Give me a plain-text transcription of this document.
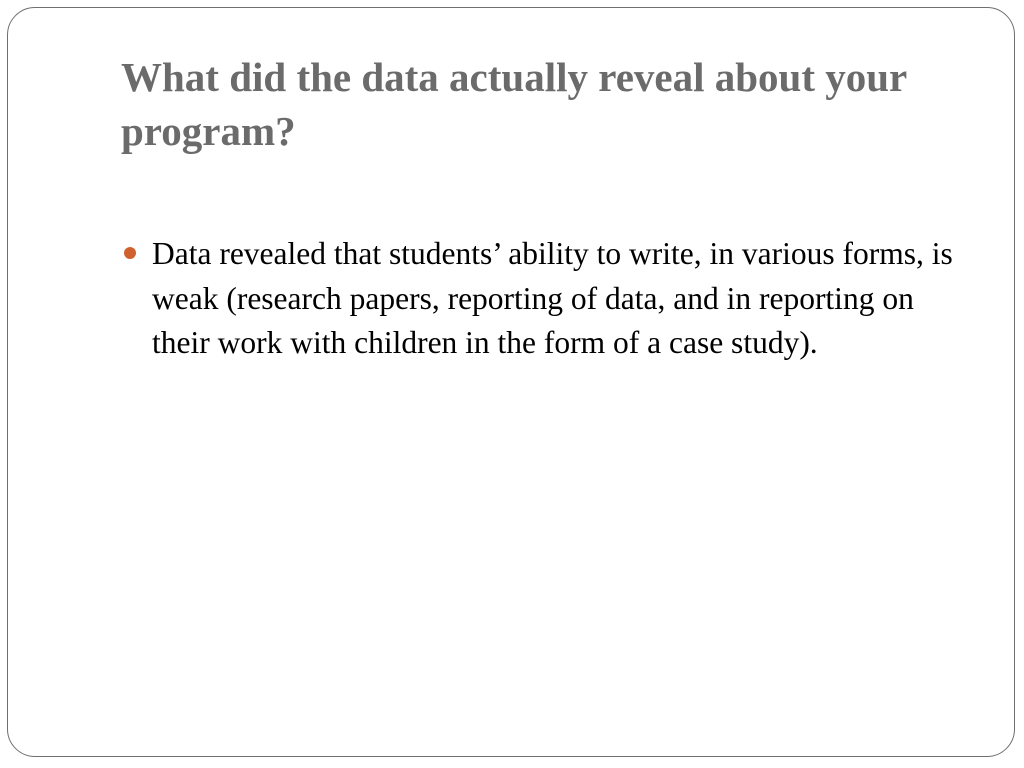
What did the data actually reveal about your program?
Data revealed that students’ ability to write, in various forms, is weak (research papers, reporting of data, and in reporting on their work with children in the form of a case study).
